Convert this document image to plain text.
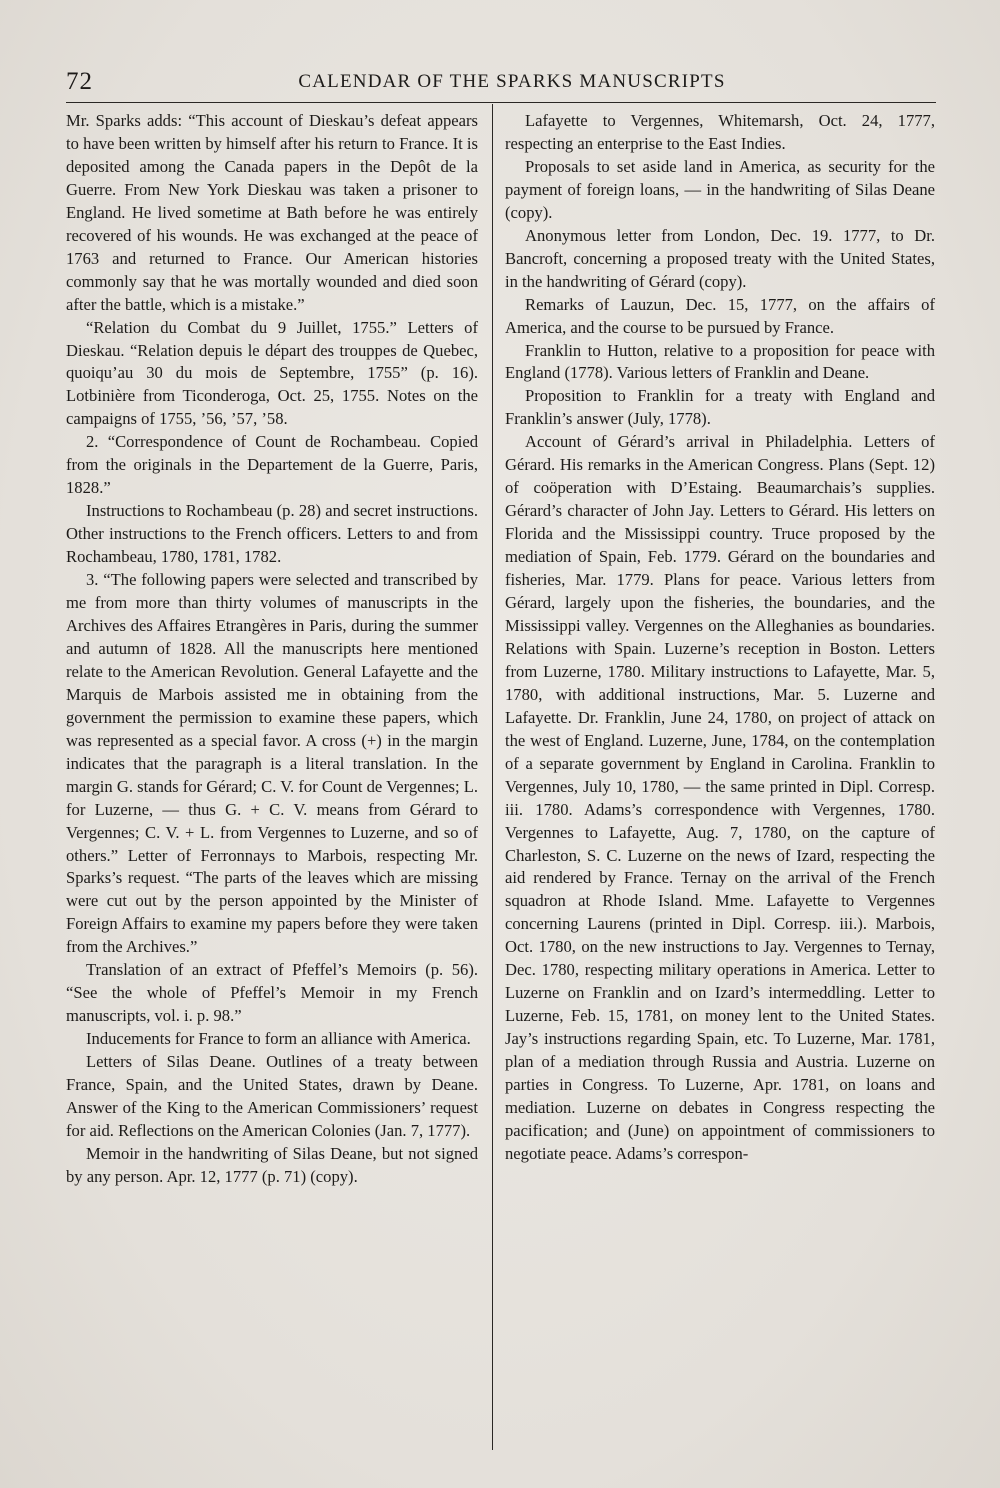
72	CALENDAR OF THE SPARKS MANUSCRIPTS

Mr. Sparks adds: “This account of Dieskau’s defeat appears to have been written by himself after his return to France. It is deposited among the Canada papers in the Depôt de la Guerre. From New York Dieskau was taken a prisoner to England. He lived sometime at Bath before he was entirely recovered of his wounds. He was exchanged at the peace of 1763 and returned to France. Our American histories commonly say that he was mortally wounded and died soon after the battle, which is a mistake.”

“Relation du Combat du 9 Juillet, 1755.” Letters of Dieskau. “Relation depuis le départ des trouppes de Quebec, quoiqu’au 30 du mois de Septembre, 1755” (p. 16). Lotbinière from Ticonderoga, Oct. 25, 1755. Notes on the campaigns of 1755, ’56, ’57, ’58.

2. “Correspondence of Count de Rochambeau. Copied from the originals in the Departement de la Guerre, Paris, 1828.”

Instructions to Rochambeau (p. 28) and secret instructions. Other instructions to the French officers. Letters to and from Rochambeau, 1780, 1781, 1782.

3. “The following papers were selected and transcribed by me from more than thirty volumes of manuscripts in the Archives des Affaires Etrangères in Paris, during the summer and autumn of 1828. All the manuscripts here mentioned relate to the American Revolution. General Lafayette and the Marquis de Marbois assisted me in obtaining from the government the permission to examine these papers, which was represented as a special favor. A cross (+) in the margin indicates that the paragraph is a literal translation. In the margin G. stands for Gérard; C. V. for Count de Vergennes; L. for Luzerne, — thus G. + C. V. means from Gérard to Vergennes; C. V. + L. from Vergennes to Luzerne, and so of others.” Letter of Ferronnays to Marbois, respecting Mr. Sparks’s request. “The parts of the leaves which are missing were cut out by the person appointed by the Minister of Foreign Affairs to examine my papers before they were taken from the Archives.”

Translation of an extract of Pfeffel’s Memoirs (p. 56). “See the whole of Pfeffel’s Memoir in my French manuscripts, vol. i. p. 98.”

Inducements for France to form an alliance with America.

Letters of Silas Deane. Outlines of a treaty between France, Spain, and the United States, drawn by Deane. Answer of the King to the American Commissioners’ request for aid. Reflections on the American Colonies (Jan. 7, 1777).

Memoir in the handwriting of Silas Deane, but not signed by any person. Apr. 12, 1777 (p. 71) (copy).

Lafayette to Vergennes, Whitemarsh, Oct. 24, 1777, respecting an enterprise to the East Indies.

Proposals to set aside land in America, as security for the payment of foreign loans, — in the handwriting of Silas Deane (copy).

Anonymous letter from London, Dec. 19. 1777, to Dr. Bancroft, concerning a proposed treaty with the United States, in the handwriting of Gérard (copy).

Remarks of Lauzun, Dec. 15, 1777, on the affairs of America, and the course to be pursued by France.

Franklin to Hutton, relative to a proposition for peace with England (1778). Various letters of Franklin and Deane.

Proposition to Franklin for a treaty with England and Franklin’s answer (July, 1778).

Account of Gérard’s arrival in Philadelphia. Letters of Gérard. His remarks in the American Congress. Plans (Sept. 12) of coöperation with D’Estaing. Beaumarchais’s supplies. Gérard’s character of John Jay. Letters to Gérard. His letters on Florida and the Mississippi country. Truce proposed by the mediation of Spain, Feb. 1779. Gérard on the boundaries and fisheries, Mar. 1779. Plans for peace. Various letters from Gérard, largely upon the fisheries, the boundaries, and the Mississippi valley. Vergennes on the Alleghanies as boundaries. Relations with Spain. Luzerne’s reception in Boston. Letters from Luzerne, 1780. Military instructions to Lafayette, Mar. 5, 1780, with additional instructions, Mar. 5. Luzerne and Lafayette. Dr. Franklin, June 24, 1780, on project of attack on the west of England. Luzerne, June, 1784, on the contemplation of a separate government by England in Carolina. Franklin to Vergennes, July 10, 1780, — the same printed in Dipl. Corresp. iii. 1780. Adams’s correspondence with Vergennes, 1780. Vergennes to Lafayette, Aug. 7, 1780, on the capture of Charleston, S. C. Luzerne on the news of Izard, respecting the aid rendered by France. Ternay on the arrival of the French squadron at Rhode Island. Mme. Lafayette to Vergennes concerning Laurens (printed in Dipl. Corresp. iii.). Marbois, Oct. 1780, on the new instructions to Jay. Vergennes to Ternay, Dec. 1780, respecting military operations in America. Letter to Luzerne on Franklin and on Izard’s intermeddling. Letter to Luzerne, Feb. 15, 1781, on money lent to the United States. Jay’s instructions regarding Spain, etc. To Luzerne, Mar. 1781, plan of a mediation through Russia and Austria. Luzerne on parties in Congress. To Luzerne, Apr. 1781, on loans and mediation. Luzerne on debates in Congress respecting the pacification; and (June) on appointment of commissioners to negotiate peace. Adams’s correspon-
